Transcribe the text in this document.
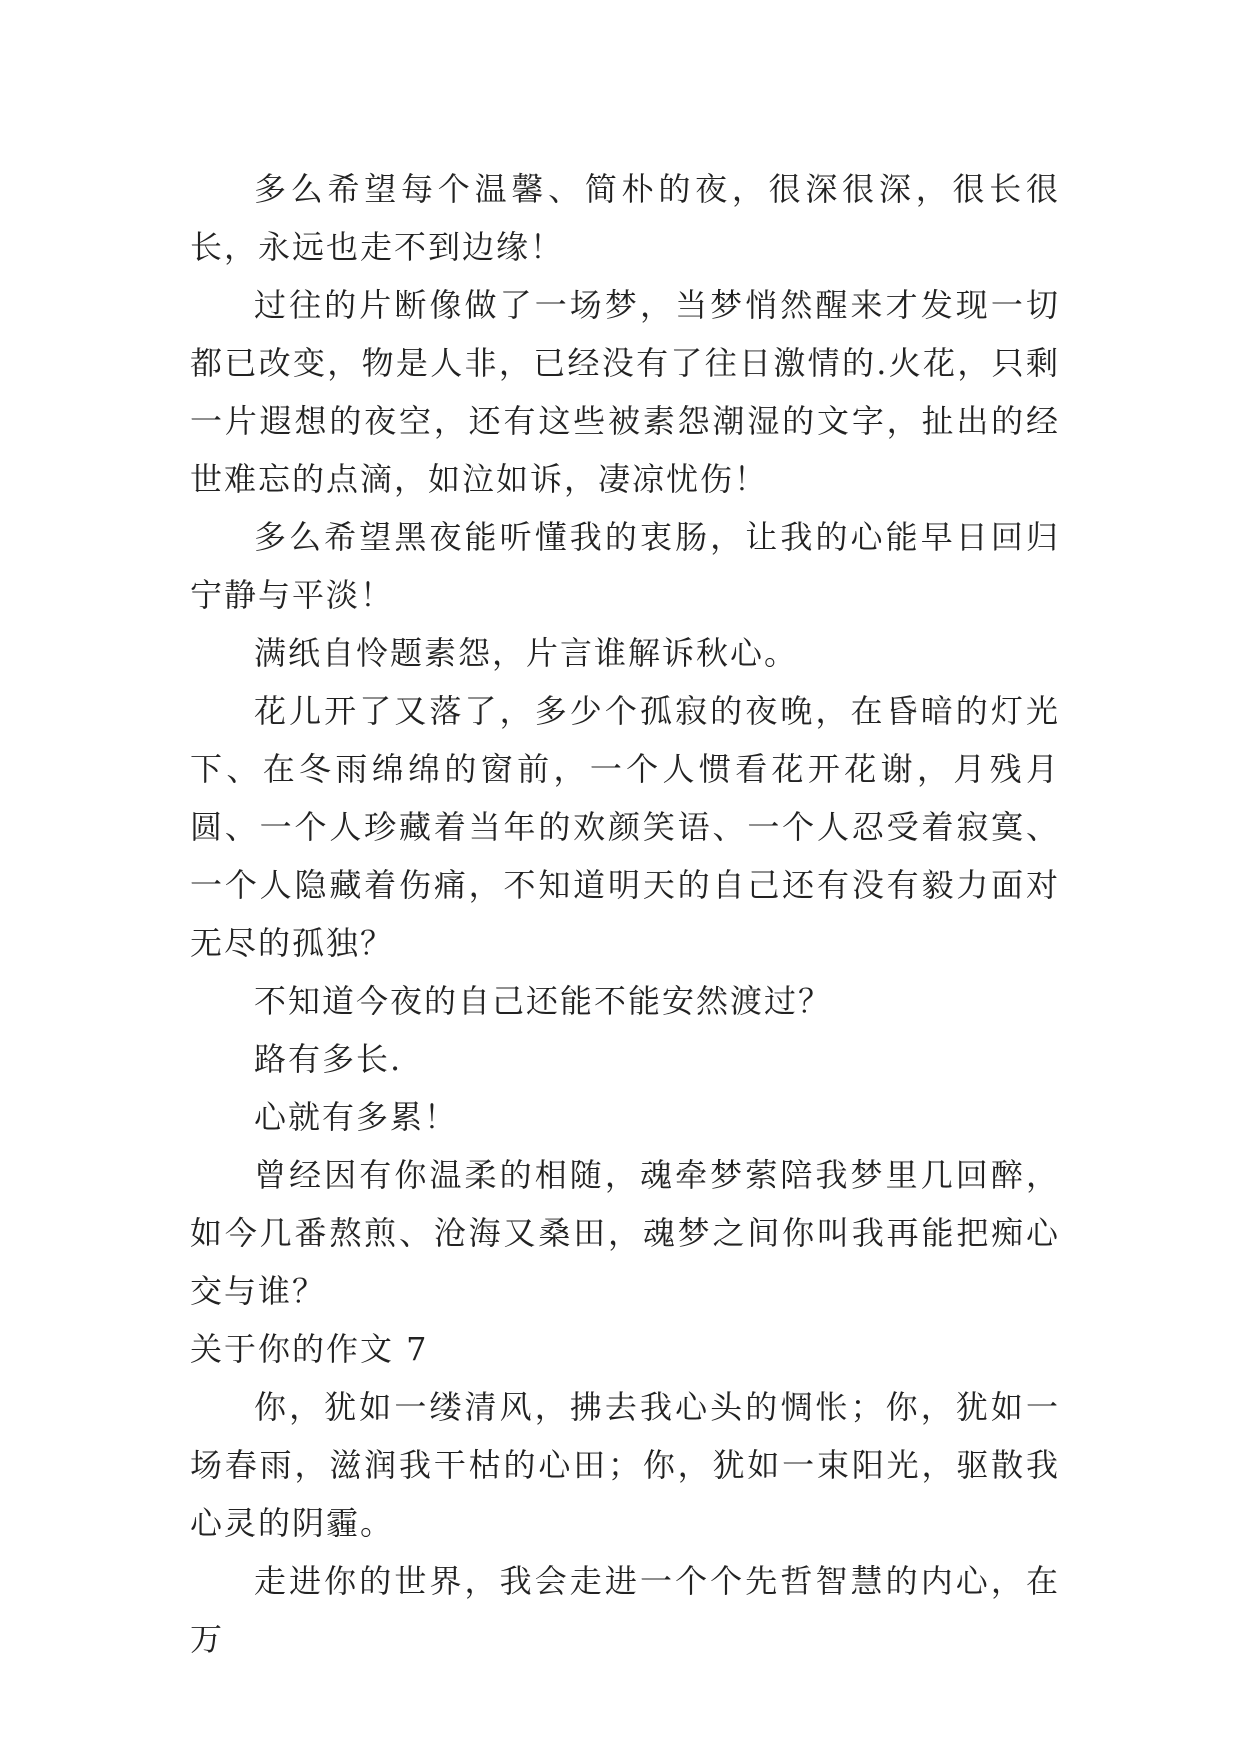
多么希望每个温馨、简朴的夜，很深很深，很长很长，永远也走不到边缘！

过往的片断像做了一场梦，当梦悄然醒来才发现一切都已改变，物是人非，已经没有了往日激情的.火花，只剩一片遐想的夜空，还有这些被素怨潮湿的文字，扯出的经世难忘的点滴，如泣如诉，凄凉忧伤！

多么希望黑夜能听懂我的衷肠，让我的心能早日回归宁静与平淡！

满纸自怜题素怨，片言谁解诉秋心。

花儿开了又落了，多少个孤寂的夜晚，在昏暗的灯光下、在冬雨绵绵的窗前，一个人惯看花开花谢，月残月圆、一个人珍藏着当年的欢颜笑语、一个人忍受着寂寞、一个人隐藏着伤痛，不知道明天的自己还有没有毅力面对无尽的孤独？

不知道今夜的自己还能不能安然渡过？

路有多长.

心就有多累！

曾经因有你温柔的相随，魂牵梦萦陪我梦里几回醉，如今几番熬煎、沧海又桑田，魂梦之间你叫我再能把痴心交与谁？

关于你的作文 7

你，犹如一缕清风，拂去我心头的惆怅；你，犹如一场春雨，滋润我干枯的心田；你，犹如一束阳光，驱散我心灵的阴霾。

走进你的世界，我会走进一个个先哲智慧的内心，在万
